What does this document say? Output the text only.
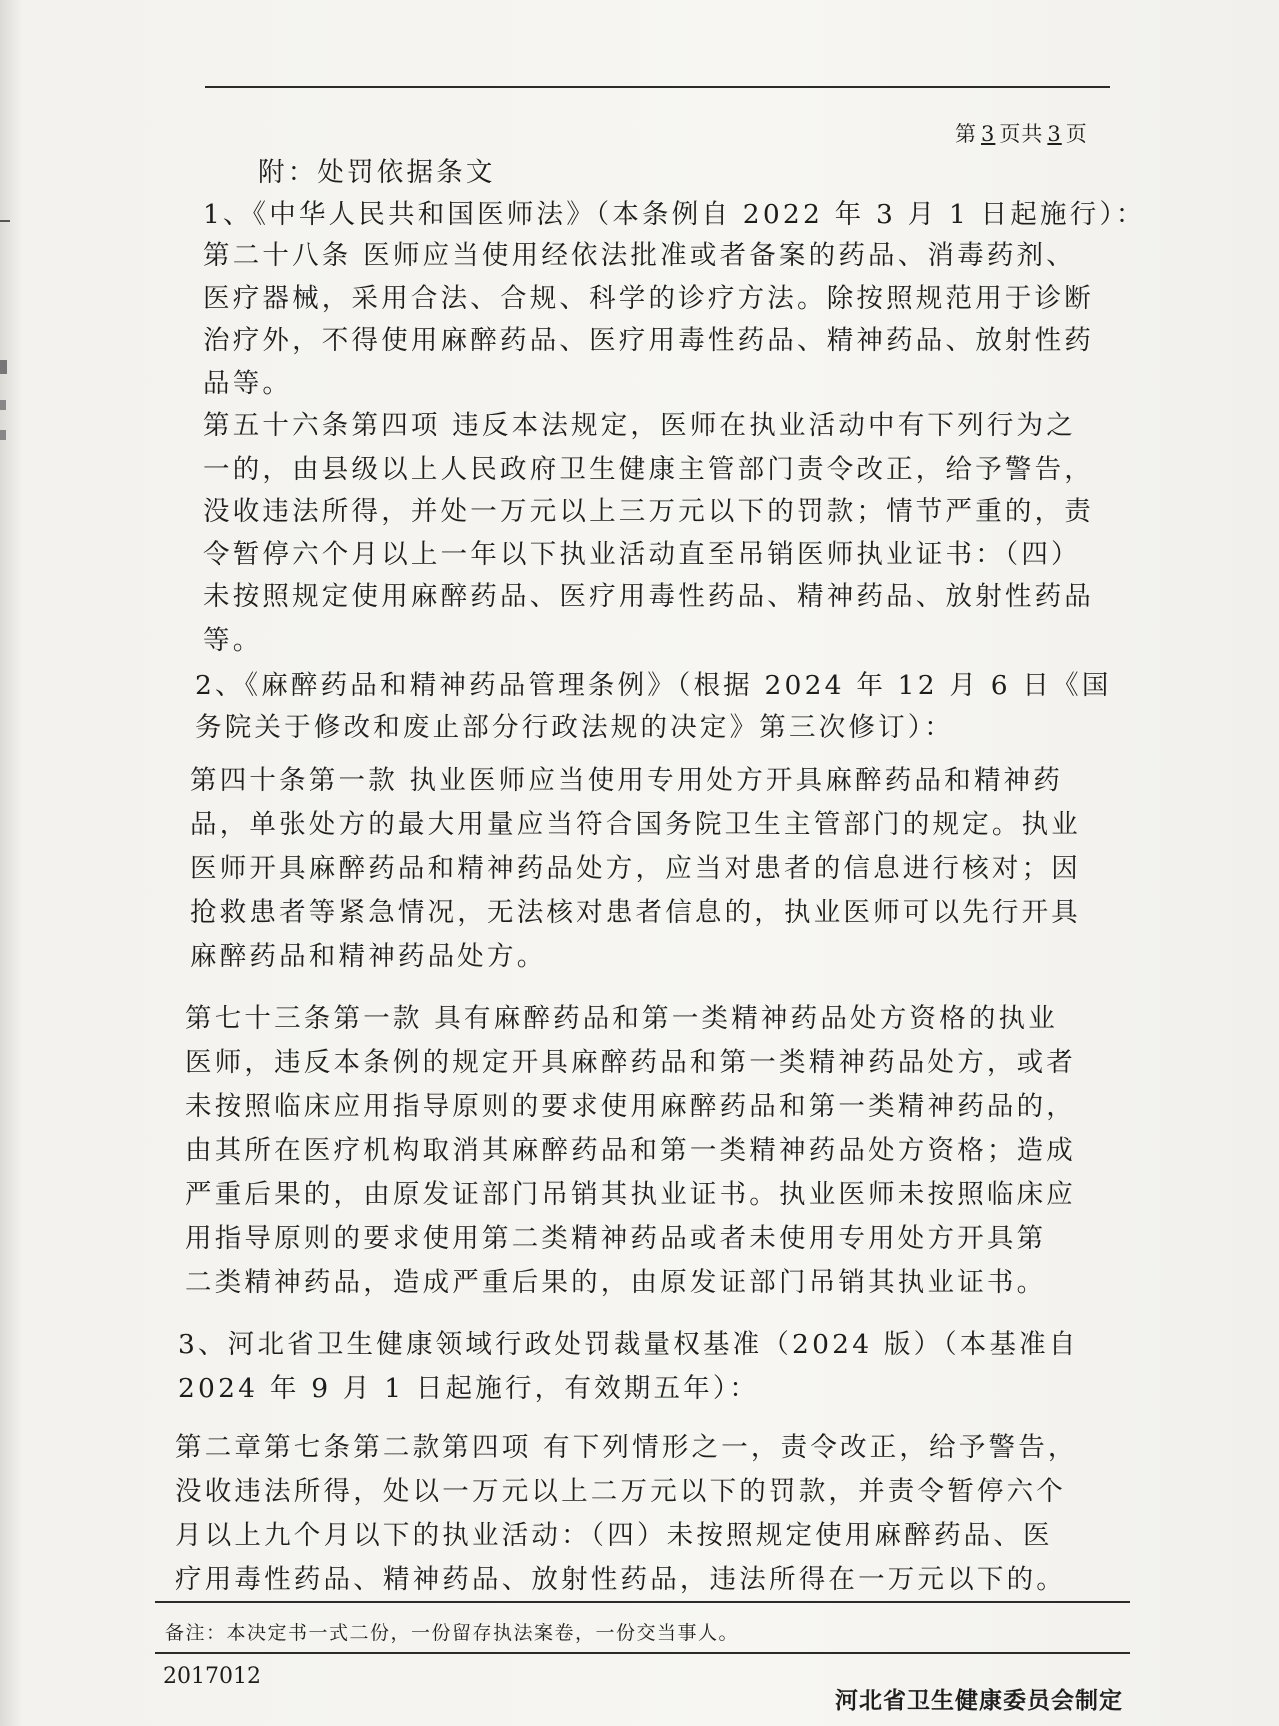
第 3 页共 3 页
附：处罚依据条文
1、《中华人民共和国医师法》（本条例自 2022 年 3 月 1 日起施行）：
第二十八条 医师应当使用经依法批准或者备案的药品、消毒药剂、
医疗器械，采用合法、合规、科学的诊疗方法。除按照规范用于诊断
治疗外，不得使用麻醉药品、医疗用毒性药品、精神药品、放射性药
品等。
第五十六条第四项 违反本法规定，医师在执业活动中有下列行为之
一的，由县级以上人民政府卫生健康主管部门责令改正，给予警告，
没收违法所得，并处一万元以上三万元以下的罚款；情节严重的，责
令暂停六个月以上一年以下执业活动直至吊销医师执业证书：（四）
未按照规定使用麻醉药品、医疗用毒性药品、精神药品、放射性药品
等。
2、《麻醉药品和精神药品管理条例》（根据 2024 年 12 月 6 日《国
务院关于修改和废止部分行政法规的决定》第三次修订）：
第四十条第一款 执业医师应当使用专用处方开具麻醉药品和精神药
品，单张处方的最大用量应当符合国务院卫生主管部门的规定。执业
医师开具麻醉药品和精神药品处方，应当对患者的信息进行核对；因
抢救患者等紧急情况，无法核对患者信息的，执业医师可以先行开具
麻醉药品和精神药品处方。
第七十三条第一款 具有麻醉药品和第一类精神药品处方资格的执业
医师，违反本条例的规定开具麻醉药品和第一类精神药品处方，或者
未按照临床应用指导原则的要求使用麻醉药品和第一类精神药品的，
由其所在医疗机构取消其麻醉药品和第一类精神药品处方资格；造成
严重后果的，由原发证部门吊销其执业证书。执业医师未按照临床应
用指导原则的要求使用第二类精神药品或者未使用专用处方开具第
二类精神药品，造成严重后果的，由原发证部门吊销其执业证书。
3、河北省卫生健康领域行政处罚裁量权基准（2024 版）（本基准自
2024 年 9 月 1 日起施行，有效期五年）：
第二章第七条第二款第四项 有下列情形之一，责令改正，给予警告，
没收违法所得，处以一万元以上二万元以下的罚款，并责令暂停六个
月以上九个月以下的执业活动：（四）未按照规定使用麻醉药品、医
疗用毒性药品、精神药品、放射性药品，违法所得在一万元以下的。
备注：本决定书一式二份，一份留存执法案卷，一份交当事人。
2017012
河北省卫生健康委员会制定
